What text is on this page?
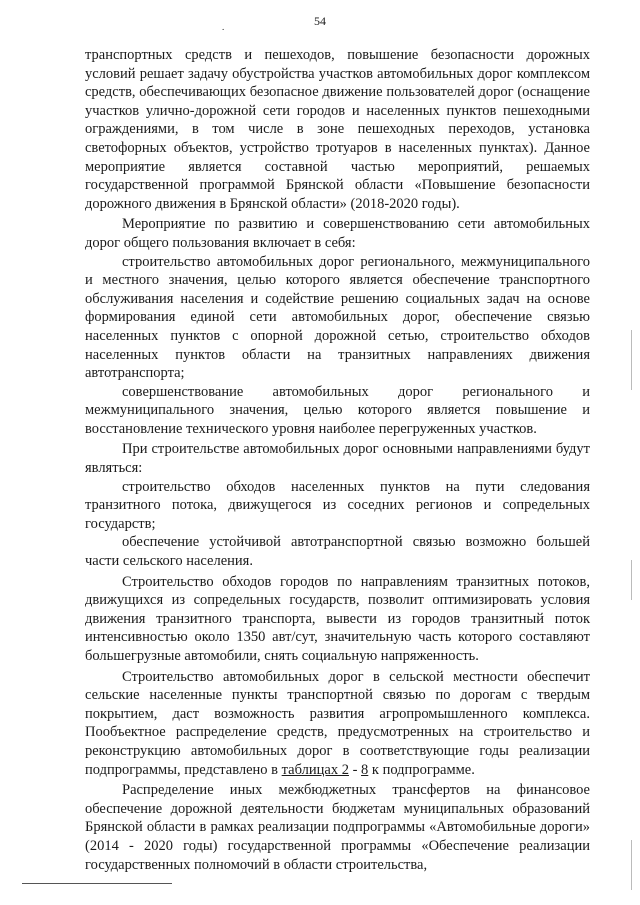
54
.

транспортных средств и пешеходов, повышение безопасности дорожных условий решает задачу обустройства участков автомобильных дорог комплексом средств, обеспечивающих безопасное движение пользователей дорог (оснащение участков улично-дорожной сети городов и населенных пунктов пешеходными ограждениями, в том числе в зоне пешеходных переходов, установка светофорных объектов, устройство тротуаров в населенных пунктах). Данное мероприятие является составной частью мероприятий, решаемых государственной программой Брянской области «Повышение безопасности дорожного движения в Брянской области» (2018-2020 годы).

Мероприятие по развитию и совершенствованию сети автомобильных дорог общего пользования включает в себя:

строительство автомобильных дорог регионального, межмуниципального и местного значения, целью которого является обеспечение транспортного обслуживания населения и содействие решению социальных задач на основе формирования единой сети автомобильных дорог, обеспечение связью населенных пунктов с опорной дорожной сетью, строительство обходов населенных пунктов области на транзитных направлениях движения автотранспорта;

совершенствование автомобильных дорог регионального и межмуниципального значения, целью которого является повышение и восстановление технического уровня наиболее перегруженных участков.

При строительстве автомобильных дорог основными направлениями будут являться:

строительство обходов населенных пунктов на пути следования транзитного потока, движущегося из соседних регионов и сопредельных государств;

обеспечение устойчивой автотранспортной связью возможно большей части сельского населения.

Строительство обходов городов по направлениям транзитных потоков, движущихся из сопредельных государств, позволит оптимизировать условия движения транзитного транспорта, вывести из городов транзитный поток интенсивностью около 1350 авт/сут, значительную часть которого составляют большегрузные автомобили, снять социальную напряженность.

Строительство автомобильных дорог в сельской местности обеспечит сельские населенные пункты транспортной связью по дорогам с твердым покрытием, даст возможность развития агропромышленного комплекса. Пообъектное распределение средств, предусмотренных на строительство и реконструкцию автомобильных дорог в соответствующие годы реализации подпрограммы, представлено в таблицах 2 - 8 к подпрограмме.

Распределение иных межбюджетных трансфертов на финансовое обеспечение дорожной деятельности бюджетам муниципальных образований Брянской области в рамках реализации подпрограммы «Автомобильные дороги» (2014 - 2020 годы) государственной программы «Обеспечение реализации государственных полномочий в области строительства,
